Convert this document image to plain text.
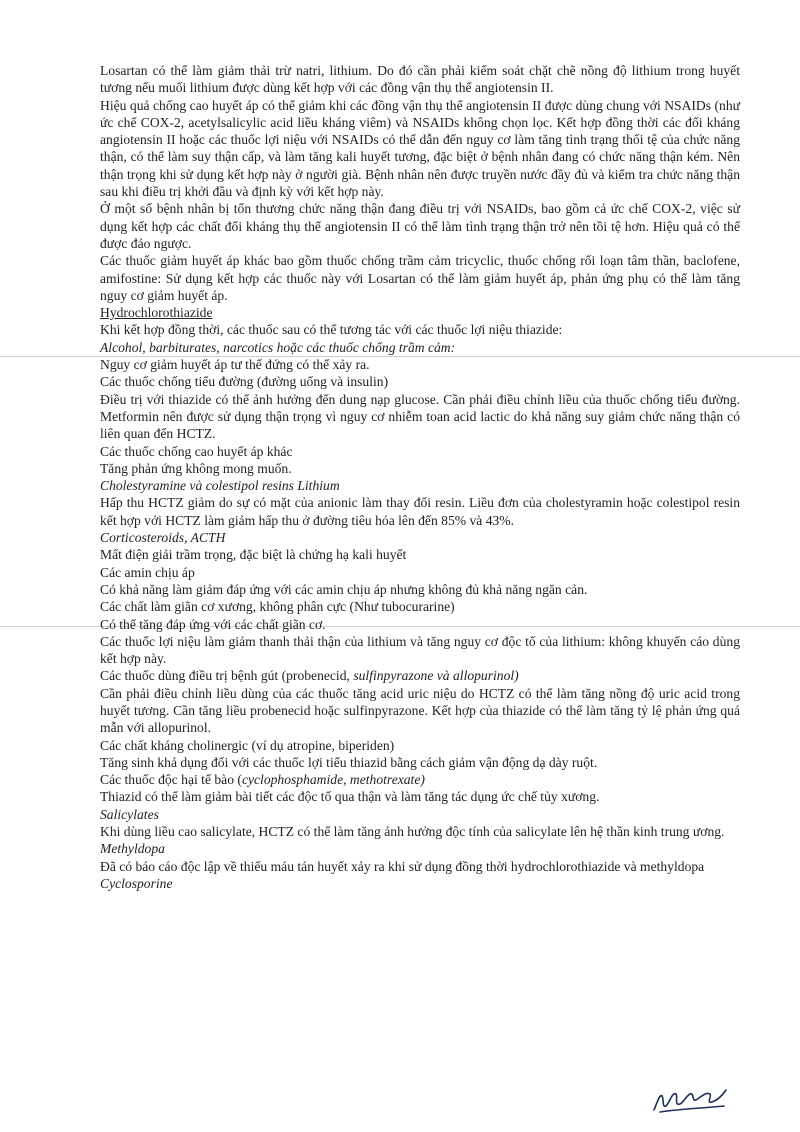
Losartan có thể làm giảm thải trừ natri, lithium. Do đó cần phải kiểm soát chặt chẽ nồng độ lithium trong huyết tương nếu muối lithium được dùng kết hợp với các đồng vận thụ thể angiotensin II.

Hiệu quả chống cao huyết áp có thể giảm khi các đồng vận thụ thể angiotensin II được dùng chung với NSAIDs (như ức chế COX-2, acetylsalicylic acid liều kháng viêm) và NSAIDs không chọn lọc. Kết hợp đồng thời các đối kháng angiotensin II hoặc các thuốc lợi niệu với NSAIDs có thể dẫn đến nguy cơ làm tăng tình trạng thối tệ của chức năng thận, có thể làm suy thận cấp, và làm tăng kali huyết tương, đặc biệt ở bệnh nhân đang có chức năng thận kém. Nên thận trọng khi sử dụng kết hợp này ở người già. Bệnh nhân nên được truyền nước đầy đủ và kiểm tra chức năng thận sau khi điều trị khởi đầu và định kỳ với kết hợp này.

Ở một số bệnh nhân bị tổn thương chức năng thận đang điều trị với NSAIDs, bao gồm cả ức chế COX-2, việc sử dụng kết hợp các chất đối kháng thụ thể angiotensin II có thể làm tình trạng thận trở nên tồi tệ hơn. Hiệu quả có thể được đảo ngược.

Các thuốc giảm huyết áp khác bao gồm thuốc chống trầm cảm tricyclic, thuốc chống rối loạn tâm thần, baclofene, amifostine: Sử dụng kết hợp các thuốc này với Losartan có thể làm giảm huyết áp, phản ứng phụ có thể làm tăng nguy cơ giảm huyết áp.

Hydrochlorothiazide

Khi kết hợp đồng thời, các thuốc sau có thể tương tác với các thuốc lợi niệu thiazide:

Alcohol, barbiturates, narcotics hoặc các thuốc chống trầm cảm:

Nguy cơ giảm huyết áp tư thế đứng có thể xảy ra.

Các thuốc chống tiểu đường (đường uống và insulin)

Điều trị với thiazide có thể ảnh hưởng đến dung nạp glucose. Cần phải điều chỉnh liều của thuốc chống tiểu đường. Metformin nên được sử dụng thận trọng vì nguy cơ nhiễm toan acid lactic do khả năng suy giảm chức năng thận có liên quan đến HCTZ.

Các thuốc chống cao huyết áp khác

Tăng phản ứng không mong muốn.

Cholestyramine và colestipol resins Lithium

Hấp thu HCTZ giảm do sự có mặt của anionic làm thay đổi resin. Liều đơn của cholestyramin hoặc colestipol resin kết hợp với HCTZ làm giảm hấp thu ở đường tiêu hóa lên đến 85% và 43%.

Corticosteroids, ACTH

Mất điện giải trầm trọng, đặc biệt là chứng hạ kali huyết

Các amin chịu áp

Có khả năng làm giảm đáp ứng với các amin chịu áp nhưng không đủ khả năng ngăn cản.

Các chất làm giãn cơ xương, không phân cực (Như tubocurarine)

Có thể tăng đáp ứng với các chất giãn cơ.

Các thuốc lợi niệu làm giảm thanh thải thận của lithium và tăng nguy cơ độc tố của lithium: không khuyến cáo dùng kết hợp này.

Các thuốc dùng điều trị bệnh gút (probenecid, sulfinpyrazone và allopurinol)

Cần phải điều chỉnh liều dùng của các thuốc tăng acid uric niệu do HCTZ có thể làm tăng nồng độ uric acid trong huyết tương. Cần tăng liều probenecid hoặc sulfinpyrazone. Kết hợp của thiazide có thể làm tăng tỷ lệ phản ứng quá mẫn với allopurinol.

Các chất kháng cholinergic (ví dụ atropine, biperiden)

Tăng sinh khả dụng đối với các thuốc lợi tiểu thiazid bằng cách giảm vận động dạ dày ruột.

Các thuốc độc hại tế bào (cyclophosphamide, methotrexate)

Thiazid có thể làm giảm bài tiết các độc tố qua thận và làm tăng tác dụng ức chế tủy xương.

Salicylates

Khi dùng liều cao salicylate, HCTZ có thể làm tăng ảnh hưởng độc tính của salicylate lên hệ thần kinh trung ương.

Methyldopa

Đã có báo cáo độc lập về thiếu máu tán huyết xảy ra khi sử dụng đồng thời hydrochlorothiazide và methyldopa

Cyclosporine
